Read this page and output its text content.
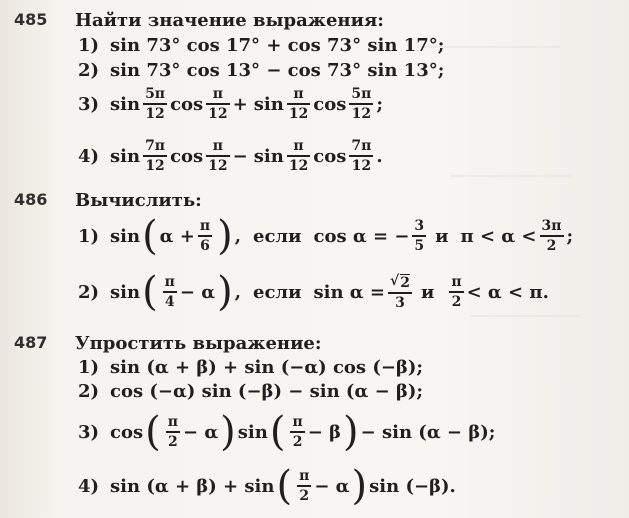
485 Найти значение выражения:
1) sin 73° cos 17° + cos 73° sin 17°;
2) sin 73° cos 13° − cos 73° sin 13°;
3) $\sin \frac{5\pi}{12}$ $\cos \frac{\pi}{12} + \sin \frac{\pi}{12}$ $\cos \frac{5\pi}{12}$ ;
4) $\sin \frac{7\pi}{12}$ $\cos \frac{\pi}{12} - \sin \frac{\pi}{12}$ $\cos \frac{7\pi}{12}$ .
486 Вычислить:
1) sin ( $\alpha + \frac{\pi}{6}$ ) , если cos α = − $\frac{3}{5}$ и $\pi < \alpha < \frac{3\pi}{2}$ ;
2) sin ( $\frac{\pi}{4} - \alpha$ ) , если $\sin \alpha = \frac{√ 2}{3}$ и $\frac{\pi}{2} < \alpha < \pi$.
487 Упростить выражение:
1) sin (α + β) + sin (−α) cos (−β);
2) cos (−α) sin (−β) − sin (α − β);
3) cos ( $\frac{\pi}{2} - \alpha$ ) sin ( $\frac{\pi}{2} - \beta$ ) − sin (α − β);
4) sin (α + β) + sin ( $\frac{\pi}{2} - \alpha$ ) sin (−β).
